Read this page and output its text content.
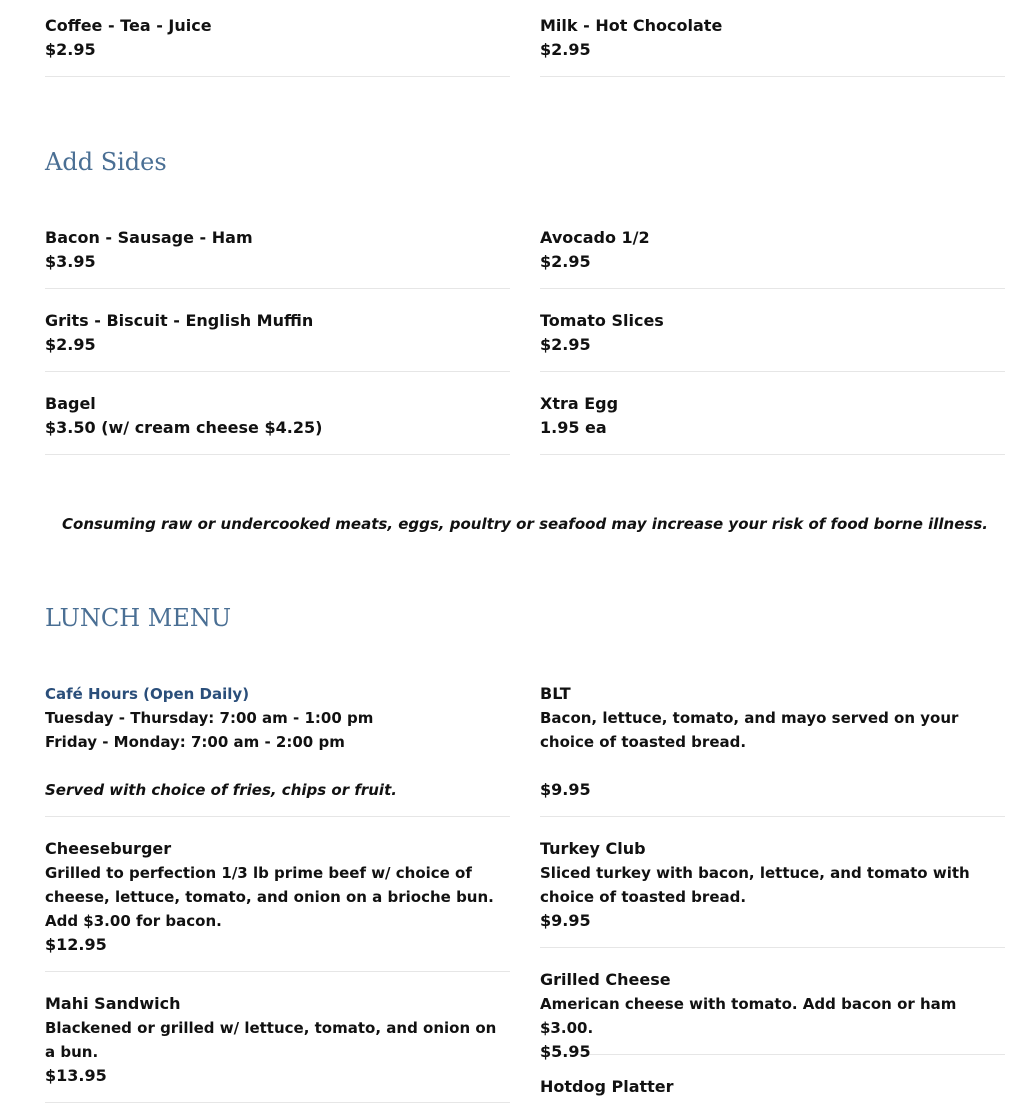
Coffee - Tea - Juice

$2.95

Milk - Hot Chocolate

$2.95

Add Sides

Bacon - Sausage - Ham

$3.95

Avocado 1/2

$2.95

Grits - Biscuit - English Muffin

$2.95

Tomato Slices

$2.95

Bagel

$3.50 (w/ cream cheese $4.25)

Xtra Egg

1.95 ea

Consuming raw or undercooked meats, eggs, poultry or seafood may increase your risk of food borne illness.

LUNCH MENU

Café Hours (Open Daily)

Tuesday - Thursday: 7:00 am - 1:00 pm

Friday - Monday: 7:00 am - 2:00 pm

Served with choice of fries, chips or fruit.

BLT

Bacon, lettuce, tomato, and mayo served on your choice of toasted bread.

$9.95

Cheeseburger

Grilled to perfection 1/3 lb prime beef w/ choice of cheese, lettuce, tomato, and onion on a brioche bun. Add $3.00 for bacon.

$12.95

Turkey Club

Sliced turkey with bacon, lettuce, and tomato with choice of toasted bread.

$9.95

Grilled Cheese

American cheese with tomato. Add bacon or ham $3.00.

$5.95

Mahi Sandwich

Blackened or grilled w/ lettuce, tomato, and onion on a bun.

$13.95

Hotdog Platter
